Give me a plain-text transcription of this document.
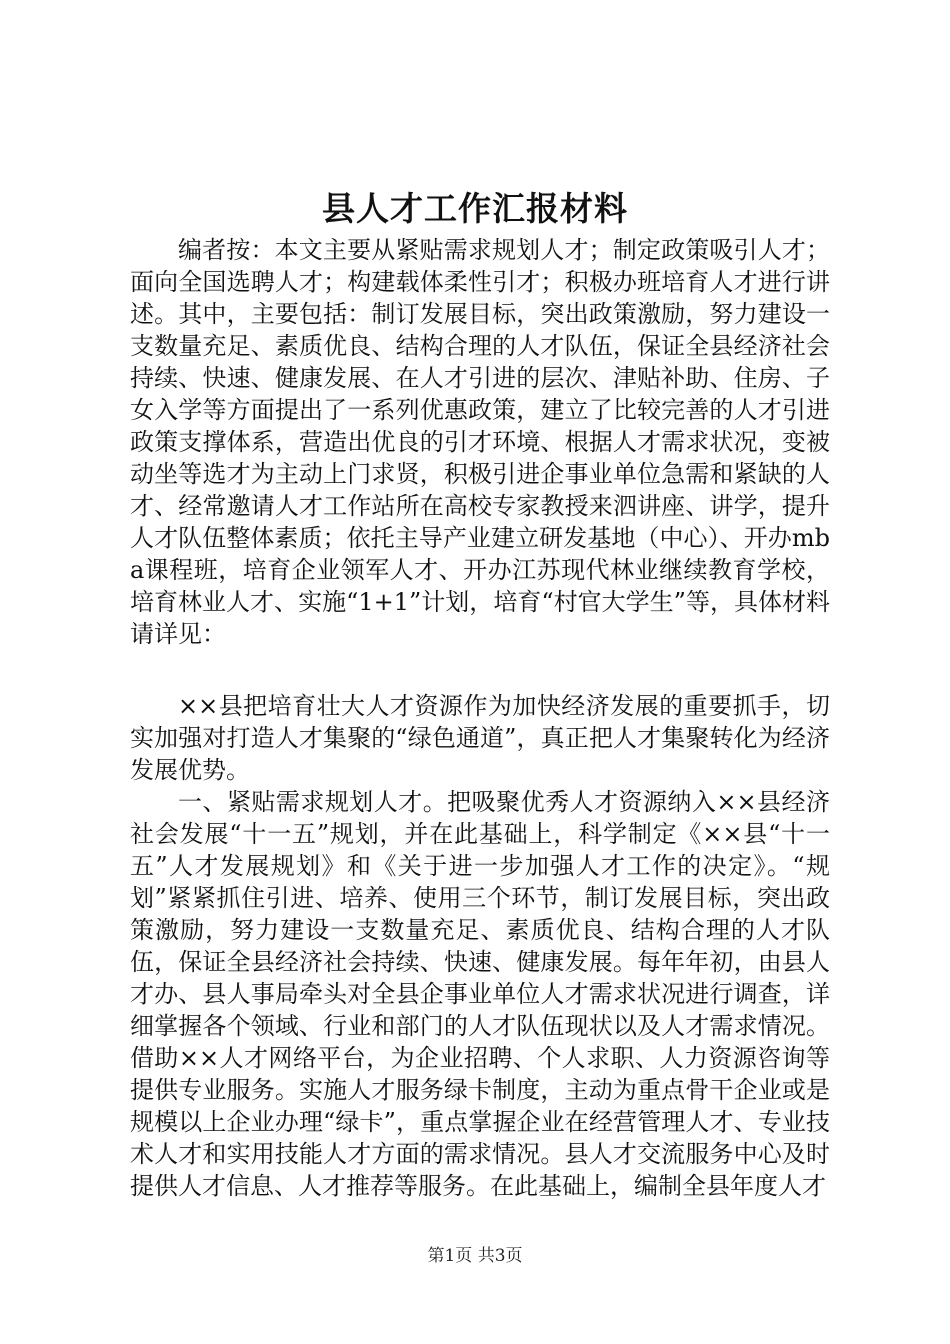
县人才工作汇报材料

编者按：本文主要从紧贴需求规划人才；制定政策吸引人才；面向全国选聘人才；构建载体柔性引才；积极办班培育人才进行讲述。其中，主要包括：制订发展目标，突出政策激励，努力建设一支数量充足、素质优良、结构合理的人才队伍，保证全县经济社会持续、快速、健康发展、在人才引进的层次、津贴补助、住房、子女入学等方面提出了一系列优惠政策，建立了比较完善的人才引进政策支撑体系，营造出优良的引才环境、根据人才需求状况，变被动坐等选才为主动上门求贤，积极引进企事业单位急需和紧缺的人才、经常邀请人才工作站所在高校专家教授来泗讲座、讲学，提升人才队伍整体素质；依托主导产业建立研发基地（中心）、开办mba课程班，培育企业领军人才、开办江苏现代林业继续教育学校，培育林业人才、实施“1+1”计划，培育“村官大学生”等，具体材料请详见：

××县把培育壮大人才资源作为加快经济发展的重要抓手，切实加强对打造人才集聚的“绿色通道”，真正把人才集聚转化为经济发展优势。

一、紧贴需求规划人才。把吸聚优秀人才资源纳入××县经济社会发展“十一五”规划，并在此基础上，科学制定《××县“十一五”人才发展规划》和《关于进一步加强人才工作的决定》。“规划”紧紧抓住引进、培养、使用三个环节，制订发展目标，突出政策激励，努力建设一支数量充足、素质优良、结构合理的人才队伍，保证全县经济社会持续、快速、健康发展。每年年初，由县人才办、县人事局牵头对全县企事业单位人才需求状况进行调查，详细掌握各个领域、行业和部门的人才队伍现状以及人才需求情况。借助××人才网络平台，为企业招聘、个人求职、人力资源咨询等提供专业服务。实施人才服务绿卡制度，主动为重点骨干企业或是规模以上企业办理“绿卡”，重点掌握企业在经营管理人才、专业技术人才和实用技能人才方面的需求情况。县人才交流服务中心及时提供人才信息、人才推荐等服务。在此基础上，编制全县年度人才

第1页 共3页
